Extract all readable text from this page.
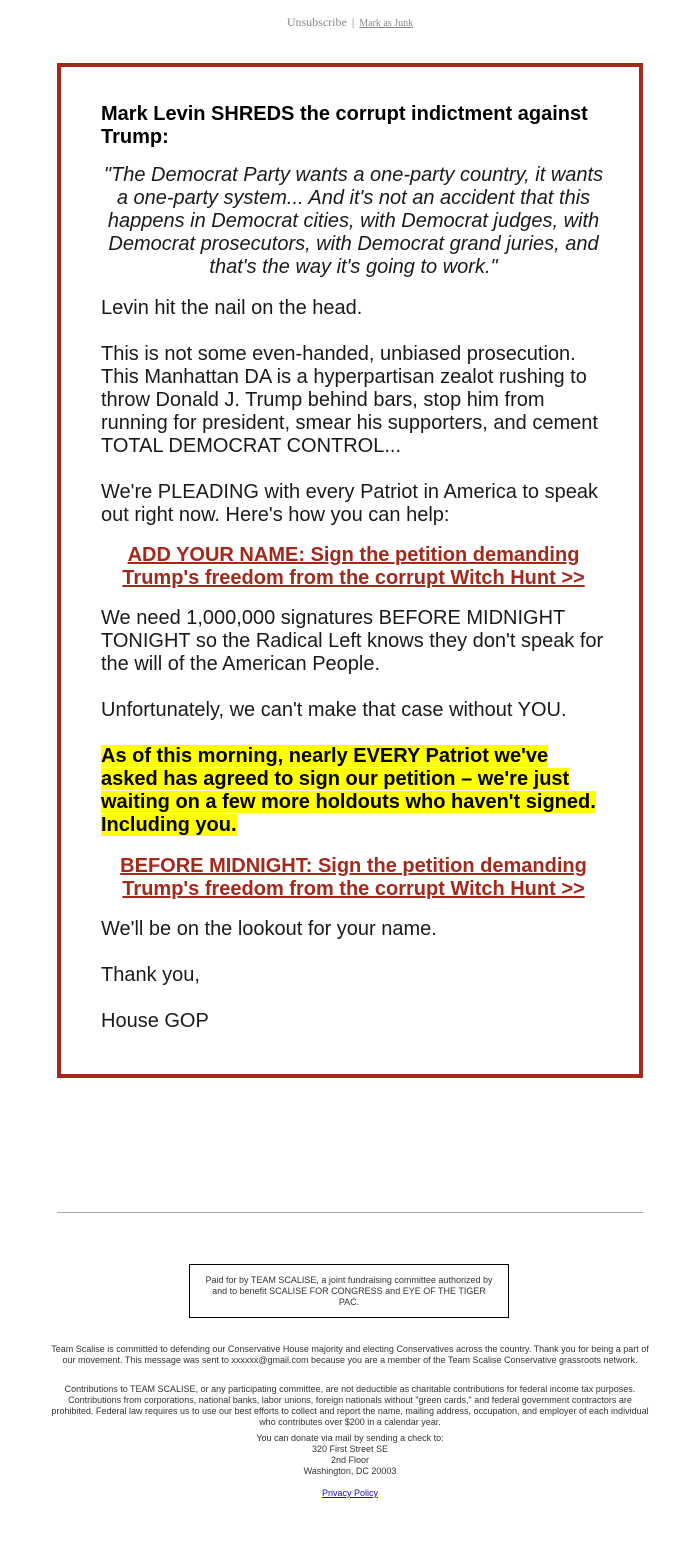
Unsubscribe | Mark as Junk

Mark Levin SHREDS the corrupt indictment against Trump:

"The Democrat Party wants a one-party country, it wants a one-party system... And it's not an accident that this happens in Democrat cities, with Democrat judges, with Democrat prosecutors, with Democrat grand juries, and that's the way it's going to work."

Levin hit the nail on the head.

This is not some even-handed, unbiased prosecution. This Manhattan DA is a hyperpartisan zealot rushing to throw Donald J. Trump behind bars, stop him from running for president, smear his supporters, and cement TOTAL DEMOCRAT CONTROL...

We're PLEADING with every Patriot in America to speak out right now. Here's how you can help:

ADD YOUR NAME: Sign the petition demanding Trump's freedom from the corrupt Witch Hunt >>

We need 1,000,000 signatures BEFORE MIDNIGHT TONIGHT so the Radical Left knows they don't speak for the will of the American People.

Unfortunately, we can't make that case without YOU.

As of this morning, nearly EVERY Patriot we've asked has agreed to sign our petition – we're just waiting on a few more holdouts who haven't signed. Including you.

BEFORE MIDNIGHT: Sign the petition demanding Trump's freedom from the corrupt Witch Hunt >>

We'll be on the lookout for your name.

Thank you,

House GOP

Paid for by TEAM SCALISE, a joint fundraising committee authorized by and to benefit SCALISE FOR CONGRESS and EYE OF THE TIGER PAC.
Team Scalise is committed to defending our Conservative House majority and electing Conservatives across the country. Thank you for being a part of our movement. This message was sent to xxxxxx@gmail.com because you are a member of the Team Scalise Conservative grassroots network.
Contributions to TEAM SCALISE, or any participating committee, are not deductible as charitable contributions for federal income tax purposes. Contributions from corporations, national banks, labor unions, foreign nationals without "green cards," and federal government contractors are prohibited. Federal law requires us to use our best efforts to collect and report the name, mailing address, occupation, and employer of each individual who contributes over $200 in a calendar year.
You can donate via mail by sending a check to:
320 First Street SE
2nd Floor
Washington, DC 20003
Privacy Policy
